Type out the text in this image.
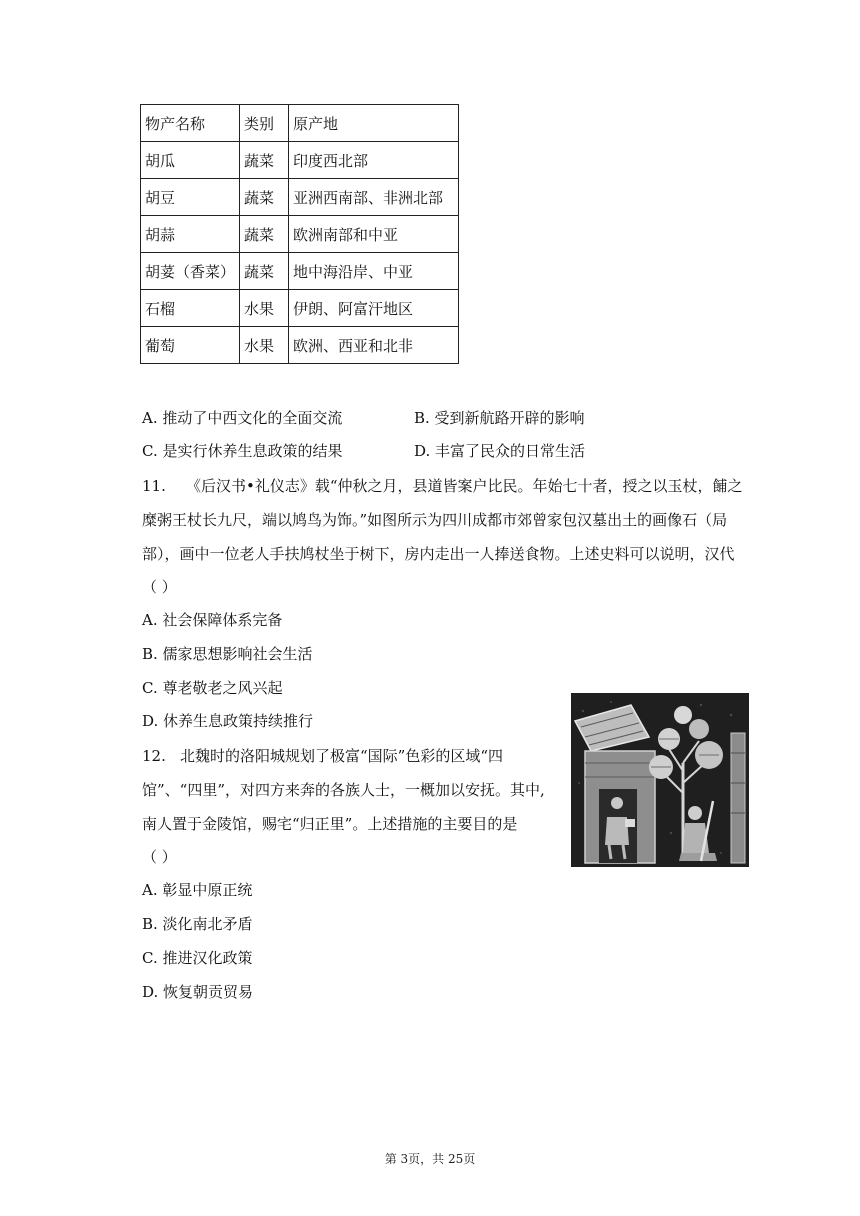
物产名称	类别	原产地
胡瓜	蔬菜	印度西北部
胡豆	蔬菜	亚洲西南部、非洲北部
胡蒜	蔬菜	欧洲南部和中亚
胡荽（香菜）	蔬菜	地中海沿岸、中亚
石榴	水果	伊朗、阿富汗地区
葡萄	水果	欧洲、西亚和北非
A. 推动了中西文化的全面交流	B. 受到新航路开辟的影响
C. 是实行休养生息政策的结果	D. 丰富了民众的日常生活
11. 《后汉书•礼仪志》载“仲秋之月，县道皆案户比民。年始七十者，授之以玉杖，餔之
糜粥王杖长九尺，端以鸠鸟为饰。”如图所示为四川成都市郊曾家包汉墓出土的画像石（局
部），画中一位老人手扶鸠杖坐于树下，房内走出一人捧送食物。上述史料可以说明，汉代
（ ）
A. 社会保障体系完备
B. 儒家思想影响社会生活
C. 尊老敬老之风兴起
D. 休养生息政策持续推行
12. 北魏时的洛阳城规划了极富“国际”色彩的区域“四
馆”、“四里”，对四方来奔的各族人士，一概加以安抚。其中,
南人置于金陵馆，赐宅“归正里”。上述措施的主要目的是
（ ）
A. 彰显中原正统
B. 淡化南北矛盾
C. 推进汉化政策
D. 恢复朝贡贸易
第 3页，共 25页
